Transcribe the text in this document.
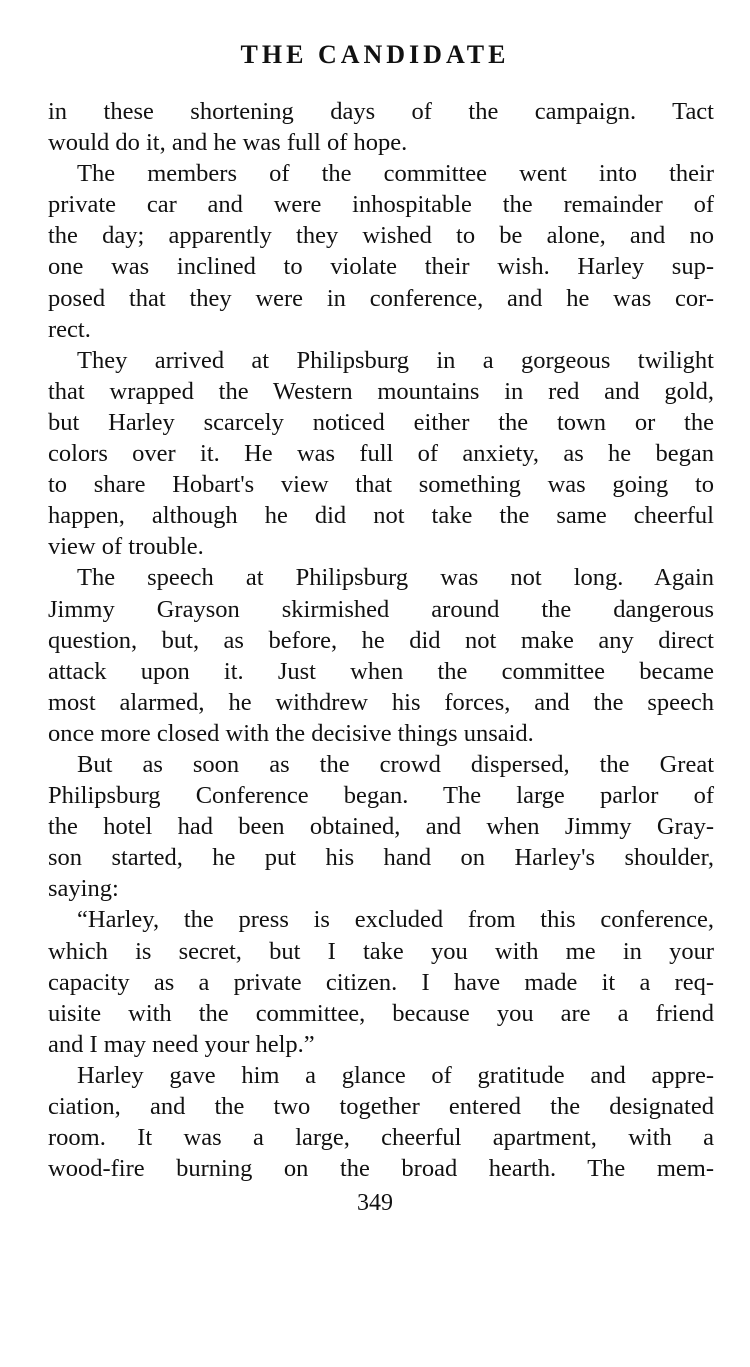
THE CANDIDATE
in these shortening days of the campaign. Tact
would do it, and he was full of hope.
The members of the committee went into their
private car and were inhospitable the remainder of
the day; apparently they wished to be alone, and no
one was inclined to violate their wish. Harley sup-
posed that they were in conference, and he was cor-
rect.
They arrived at Philipsburg in a gorgeous twilight
that wrapped the Western mountains in red and gold,
but Harley scarcely noticed either the town or the
colors over it. He was full of anxiety, as he began
to share Hobart's view that something was going to
happen, although he did not take the same cheerful
view of trouble.
The speech at Philipsburg was not long. Again
Jimmy Grayson skirmished around the dangerous
question, but, as before, he did not make any direct
attack upon it. Just when the committee became
most alarmed, he withdrew his forces, and the speech
once more closed with the decisive things unsaid.
But as soon as the crowd dispersed, the Great
Philipsburg Conference began. The large parlor of
the hotel had been obtained, and when Jimmy Gray-
son started, he put his hand on Harley's shoulder,
saying:
“Harley, the press is excluded from this conference,
which is secret, but I take you with me in your
capacity as a private citizen. I have made it a req-
uisite with the committee, because you are a friend
and I may need your help.”
Harley gave him a glance of gratitude and appre-
ciation, and the two together entered the designated
room. It was a large, cheerful apartment, with a
wood-fire burning on the broad hearth. The mem-
349
